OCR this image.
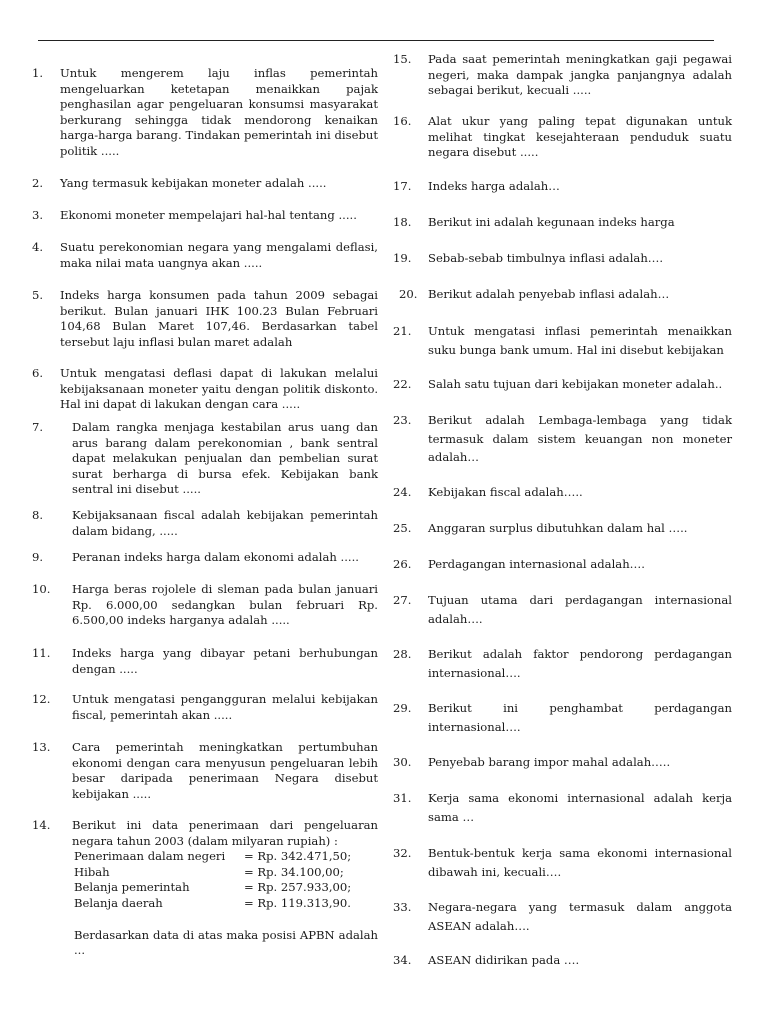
1. Untuk mengerem laju inflas pemerintah mengeluarkan ketetapan menaikkan pajak penghasilan agar pengeluaran konsumsi masyarakat berkurang sehingga tidak mendorong kenaikan harga-harga barang. Tindakan pemerintah ini disebut politik .....
2. Yang termasuk kebijakan moneter adalah .....
3. Ekonomi moneter mempelajari hal-hal tentang .....
4. Suatu perekonomian negara yang mengalami deflasi, maka nilai mata uangnya akan .....
5. Indeks harga konsumen pada tahun 2009 sebagai berikut. Bulan januari IHK 100.23 Bulan Februari 104,68 Bulan Maret 107,46. Berdasarkan tabel tersebut laju inflasi bulan maret adalah
6. Untuk mengatasi deflasi dapat di lakukan melalui kebijaksanaan moneter yaitu dengan politik diskonto. Hal ini dapat di lakukan dengan cara .....
7. Dalam rangka menjaga kestabilan arus uang dan arus barang dalam perekonomian , bank sentral dapat melakukan penjualan dan pembelian surat surat berharga di bursa efek. Kebijakan bank sentral ini disebut .....
8. Kebijaksanaan fiscal adalah kebijakan pemerintah dalam bidang, .....
9. Peranan indeks harga dalam ekonomi adalah .....
10. Harga beras rojolele di sleman pada bulan januari Rp. 6.000,00 sedangkan bulan februari Rp. 6.500,00 indeks harganya adalah .....
11. Indeks harga yang dibayar petani berhubungan dengan .....
12. Untuk mengatasi pengangguran melalui kebijakan fiscal, pemerintah akan .....
13. Cara pemerintah meningkatkan pertumbuhan ekonomi dengan cara menyusun pengeluaran lebih besar daripada penerimaan Negara disebut kebijakan .....
14. Berikut ini data penerimaan dari pengeluaran negara tahun 2003 (dalam milyaran rupiah) :
Penerimaan dalam negeri	= Rp. 342.471,50;
Hibah	= Rp. 34.100,00;
Belanja pemerintah	= Rp. 257.933,00;
Belanja daerah	= Rp. 119.313,90.
Berdasarkan data di atas maka posisi APBN adalah ...
15. Pada saat pemerintah meningkatkan gaji pegawai negeri, maka dampak jangka panjangnya adalah sebagai berikut, kecuali .....
16. Alat ukur yang paling tepat digunakan untuk melihat tingkat kesejahteraan penduduk suatu negara disebut .....
17. Indeks harga adalah…
18. Berikut ini adalah kegunaan indeks harga
19. Sebab-sebab timbulnya inflasi adalah….
20. Berikut adalah penyebab inflasi adalah…
21. Untuk mengatasi inflasi pemerintah menaikkan suku bunga bank umum. Hal ini disebut kebijakan
22. Salah satu tujuan dari kebijakan moneter adalah..
23. Berikut adalah Lembaga-lembaga yang tidak termasuk dalam sistem keuangan non moneter adalah…
24. Kebijakan fiscal adalah…..
25. Anggaran surplus dibutuhkan dalam hal …..
26. Perdagangan internasional adalah….
27. Tujuan utama dari perdagangan internasional adalah….
28. Berikut adalah faktor pendorong perdagangan internasional….
29. Berikut ini penghambat perdagangan internasional….
30. Penyebab barang impor mahal adalah…..
31. Kerja sama ekonomi internasional adalah kerja sama …
32. Bentuk-bentuk kerja sama ekonomi internasional dibawah ini, kecuali….
33. Negara-negara yang termasuk dalam anggota ASEAN adalah….
34. ASEAN didirikan pada ….
